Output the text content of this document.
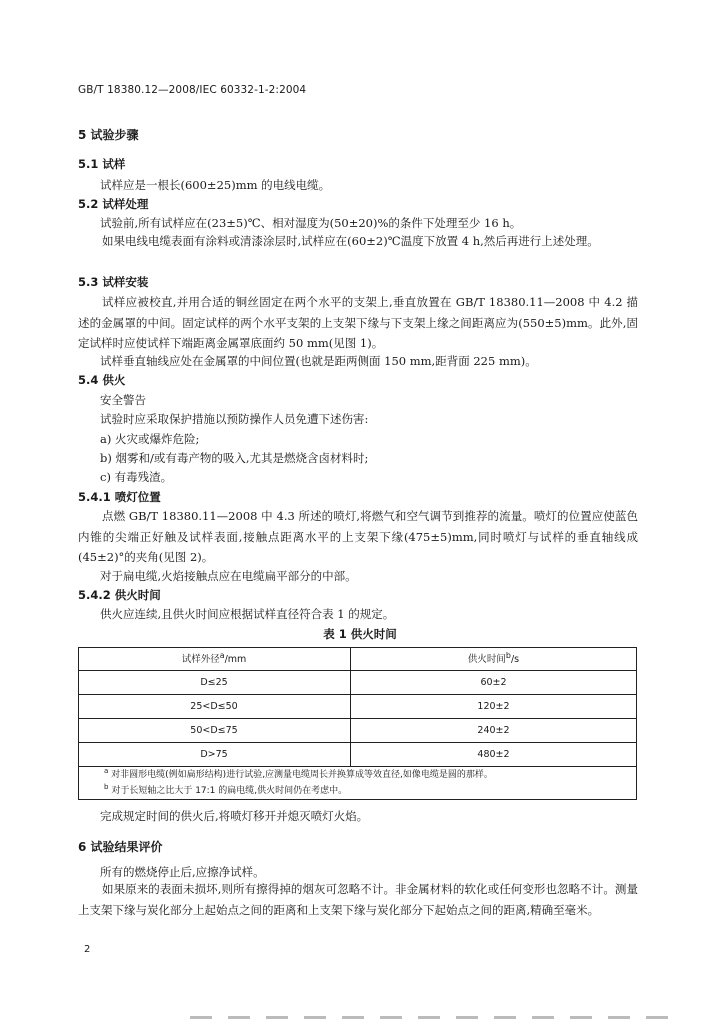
GB/T 18380.12—2008/IEC 60332-1-2:2004
5 试验步骤
5.1 试样
试样应是一根长(600±25)mm 的电线电缆。
5.2 试样处理
试验前,所有试样应在(23±5)℃、相对湿度为(50±20)%的条件下处理至少 16 h。
如果电线电缆表面有涂料或清漆涂层时,试样应在(60±2)℃温度下放置 4 h,然后再进行上述处理。
5.3 试样安装
试样应被校直,并用合适的铜丝固定在两个水平的支架上,垂直放置在 GB/T 18380.11—2008 中 4.2 描述的金属罩的中间。固定试样的两个水平支架的上支架下缘与下支架上缘之间距离应为(550±5)mm。此外,固定试样时应使试样下端距离金属罩底面约 50 mm(见图 1)。
试样垂直轴线应处在金属罩的中间位置(也就是距两侧面 150 mm,距背面 225 mm)。
5.4 供火
安全警告
试验时应采取保护措施以预防操作人员免遭下述伤害:
a) 火灾或爆炸危险;
b) 烟雾和/或有毒产物的吸入,尤其是燃烧含卤材料时;
c) 有毒残渣。
5.4.1 喷灯位置
点燃 GB/T 18380.11—2008 中 4.3 所述的喷灯,将燃气和空气调节到推荐的流量。喷灯的位置应使蓝色内锥的尖端正好触及试样表面,接触点距离水平的上支架下缘(475±5)mm,同时喷灯与试样的垂直轴线成(45±2)°的夹角(见图 2)。
对于扁电缆,火焰接触点应在电缆扁平部分的中部。
5.4.2 供火时间
供火应连续,且供火时间应根据试样直径符合表 1 的规定。
表 1 供火时间
试样外径$^a$/mm	供火时间$^b$/s
D≤25	60±2
25<D≤50	120±2
50<D≤75	240±2
D>75	480±2
$^a$ 对非圆形电缆(例如扁形结构)进行试验,应测量电缆周长并换算成等效直径,如像电缆是圆的那样。
$^b$ 对于长短轴之比大于 17:1 的扁电缆,供火时间仍在考虑中。
完成规定时间的供火后,将喷灯移开并熄灭喷灯火焰。
6 试验结果评价
所有的燃烧停止后,应擦净试样。
如果原来的表面未损坏,则所有擦得掉的烟灰可忽略不计。非金属材料的软化或任何变形也忽略不计。测量上支架下缘与炭化部分上起始点之间的距离和上支架下缘与炭化部分下起始点之间的距离,精确至毫米。
2
